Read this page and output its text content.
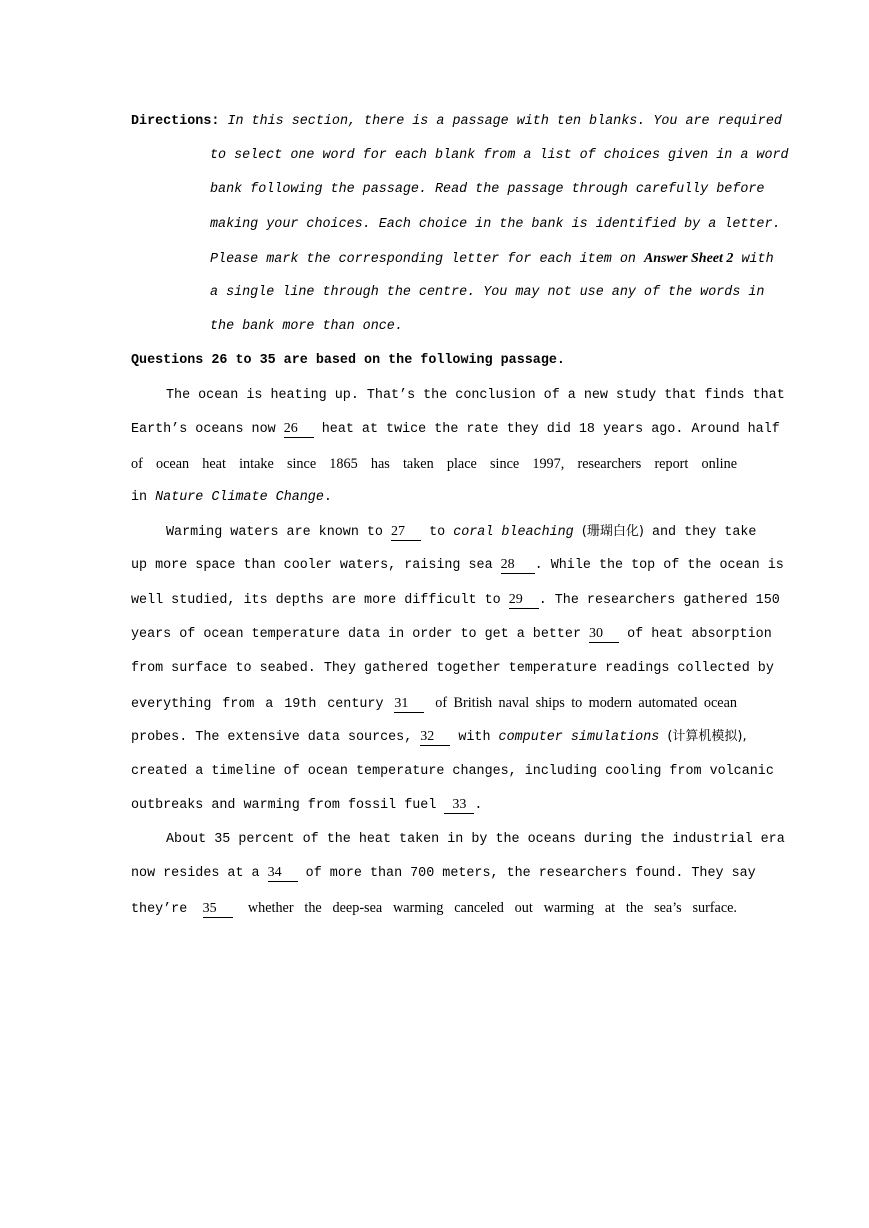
Directions: In this section, there is a passage with ten blanks. You are required
to select one word for each blank from a list of choices given in a word
bank following the passage. Read the passage through carefully before
making your choices. Each choice in the bank is identified by a letter.
Please mark the corresponding letter for each item on Answer Sheet 2 with
a single line through the centre. You may not use any of the words in
the bank more than once.
Questions 26 to 35 are based on the following passage.
The ocean is heating up. That’s the conclusion of a new study that finds that
Earth’s oceans now 26 heat at twice the rate they did 18 years ago. Around half
of ocean heat intake since 1865 has taken place since 1997, researchers report online
in Nature Climate Change.
Warming waters are known to 27 to coral bleaching (珊瑚白化) and they take
up more space than cooler waters, raising sea 28 . While the top of the ocean is
well studied, its depths are more difficult to 29 . The researchers gathered 150
years of ocean temperature data in order to get a better 30 of heat absorption
from surface to seabed. They gathered together temperature readings collected by
everything from a 19th century 31 of British naval ships to modern automated ocean
probes. The extensive data sources, 32 with computer simulations (计算机模拟),
created a timeline of ocean temperature changes, including cooling from volcanic
outbreaks and warming from fossil fuel 33 .
About 35 percent of the heat taken in by the oceans during the industrial era
now resides at a 34 of more than 700 meters, the researchers found. They say
they’re 35 whether the deep-sea warming canceled out warming at the sea’s surface.
